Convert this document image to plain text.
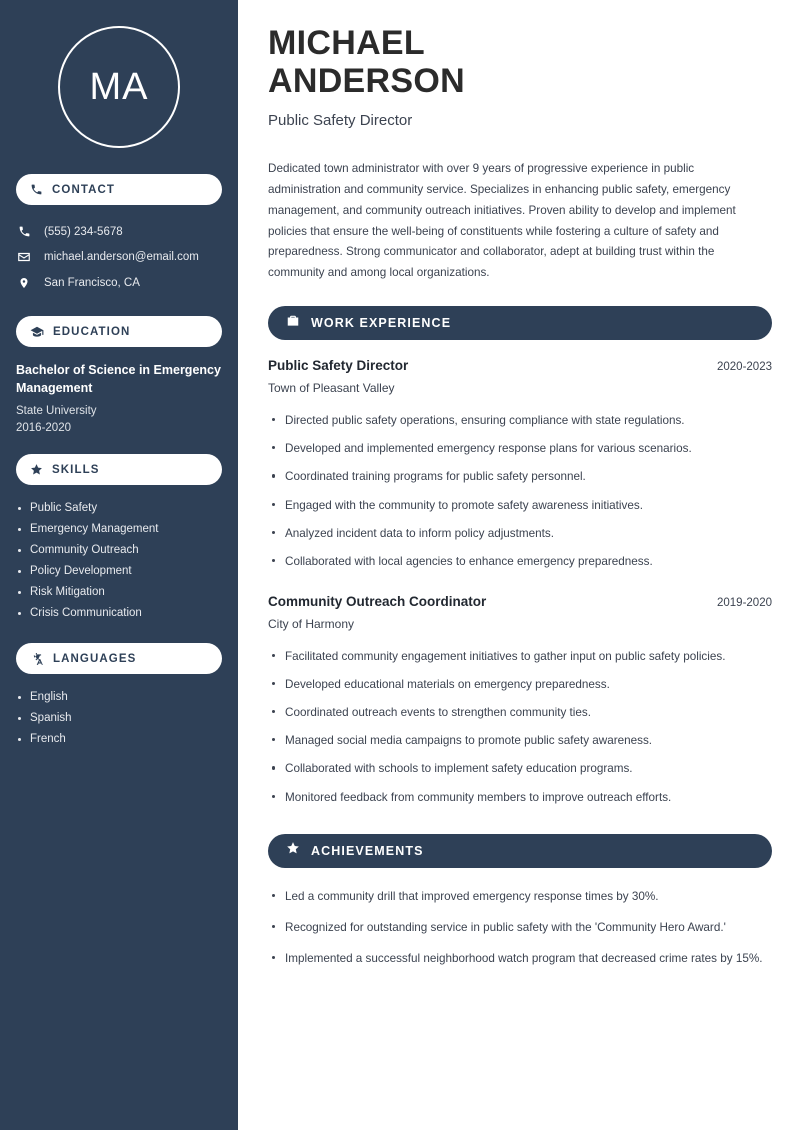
MA
CONTACT
(555) 234-5678
michael.anderson@email.com
San Francisco, CA
EDUCATION
Bachelor of Science in Emergency Management
State University
2016-2020
SKILLS
Public Safety
Emergency Management
Community Outreach
Policy Development
Risk Mitigation
Crisis Communication
LANGUAGES
English
Spanish
French
MICHAEL
ANDERSON
Public Safety Director

Dedicated town administrator with over 9 years of progressive experience in public administration and community service. Specializes in enhancing public safety, emergency management, and community outreach initiatives. Proven ability to develop and implement policies that ensure the well-being of constituents while fostering a culture of safety and preparedness. Strong communicator and collaborator, adept at building trust within the community and among local organizations.

WORK EXPERIENCE
Public Safety Director	2020-2023
Town of Pleasant Valley
Directed public safety operations, ensuring compliance with state regulations.
Developed and implemented emergency response plans for various scenarios.
Coordinated training programs for public safety personnel.
Engaged with the community to promote safety awareness initiatives.
Analyzed incident data to inform policy adjustments.
Collaborated with local agencies to enhance emergency preparedness.
Community Outreach Coordinator	2019-2020
City of Harmony
Facilitated community engagement initiatives to gather input on public safety policies.
Developed educational materials on emergency preparedness.
Coordinated outreach events to strengthen community ties.
Managed social media campaigns to promote public safety awareness.
Collaborated with schools to implement safety education programs.
Monitored feedback from community members to improve outreach efforts.
ACHIEVEMENTS
Led a community drill that improved emergency response times by 30%.
Recognized for outstanding service in public safety with the 'Community Hero Award.'
Implemented a successful neighborhood watch program that decreased crime rates by 15%.
